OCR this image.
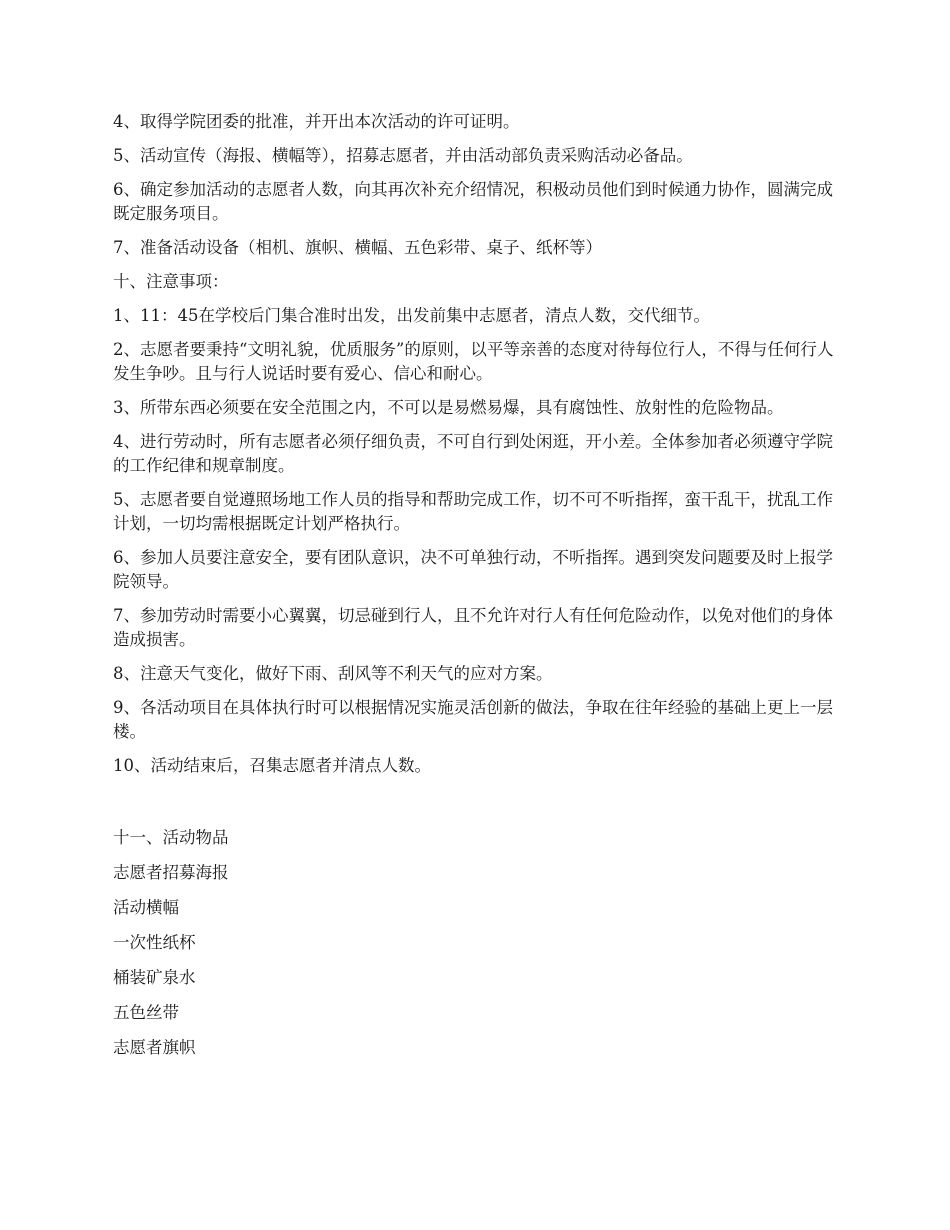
4、取得学院团委的批准，并开出本次活动的许可证明。

5、活动宣传（海报、横幅等），招募志愿者，并由活动部负责采购活动必备品。

6、确定参加活动的志愿者人数，向其再次补充介绍情况，积极动员他们到时候通力协作，圆满完成既定服务项目。

7、准备活动设备（相机、旗帜、横幅、五色彩带、桌子、纸杯等）

十、注意事项：

1、11：45在学校后门集合准时出发，出发前集中志愿者，清点人数，交代细节。

2、志愿者要秉持“文明礼貌，优质服务”的原则，以平等亲善的态度对待每位行人，不得与任何行人发生争吵。且与行人说话时要有爱心、信心和耐心。

3、所带东西必须要在安全范围之内，不可以是易燃易爆，具有腐蚀性、放射性的危险物品。

4、进行劳动时，所有志愿者必须仔细负责，不可自行到处闲逛，开小差。全体参加者必须遵守学院的工作纪律和规章制度。

5、志愿者要自觉遵照场地工作人员的指导和帮助完成工作，切不可不听指挥，蛮干乱干，扰乱工作计划，一切均需根据既定计划严格执行。

6、参加人员要注意安全，要有团队意识，决不可单独行动，不听指挥。遇到突发问题要及时上报学院领导。

7、参加劳动时需要小心翼翼，切忌碰到行人，且不允许对行人有任何危险动作，以免对他们的身体造成损害。

8、注意天气变化，做好下雨、刮风等不利天气的应对方案。

9、各活动项目在具体执行时可以根据情况实施灵活创新的做法，争取在往年经验的基础上更上一层楼。

10、活动结束后，召集志愿者并清点人数。

十一、活动物品

志愿者招募海报

活动横幅

一次性纸杯

桶装矿泉水

五色丝带

志愿者旗帜
